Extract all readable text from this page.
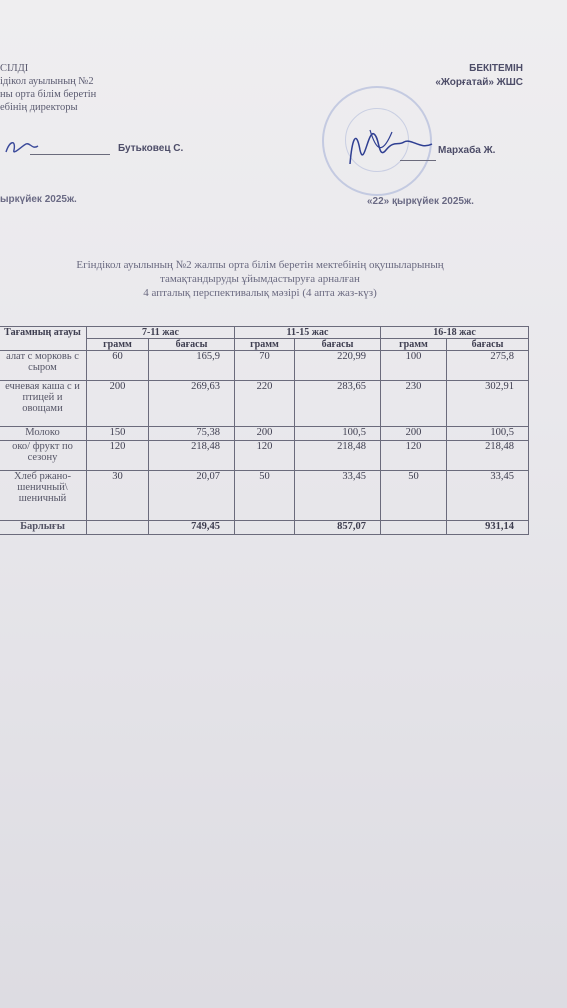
СІЛДІ
ідікол ауылының №2
ны орта білім беретін
ебінің директоры
Бутьковец С.
ыркүйек 2025ж.
БЕКІТЕМІН
«Жорғатай» ЖШС
Мархаба Ж.
«22» қыркүйек 2025ж.
Егіндікол ауылының №2 жалпы орта білім беретін мектебінің оқушыларының
тамақтандыруды ұйымдастыруға арналған
4 апталық перспективалық мәзірі (4 апта жаз-күз)
Тағамның атауы	7-11 жас		11-15 жас		16-18 жас	
	грамм	бағасы	грамм	бағасы	грамм	бағасы
алат с морковь с сыром	60	165,9	70	220,99	100	275,8
ечневая каша с и птицей и овощами	200	269,63	220	283,65	230	302,91
Молоко	150	75,38	200	100,5	200	100,5
око/ фрукт по сезону	120	218,48	120	218,48	120	218,48
Хлеб ржано-шеничный\ шеничный	30	20,07	50	33,45	50	33,45
Барлығы		749,45		857,07		931,14
